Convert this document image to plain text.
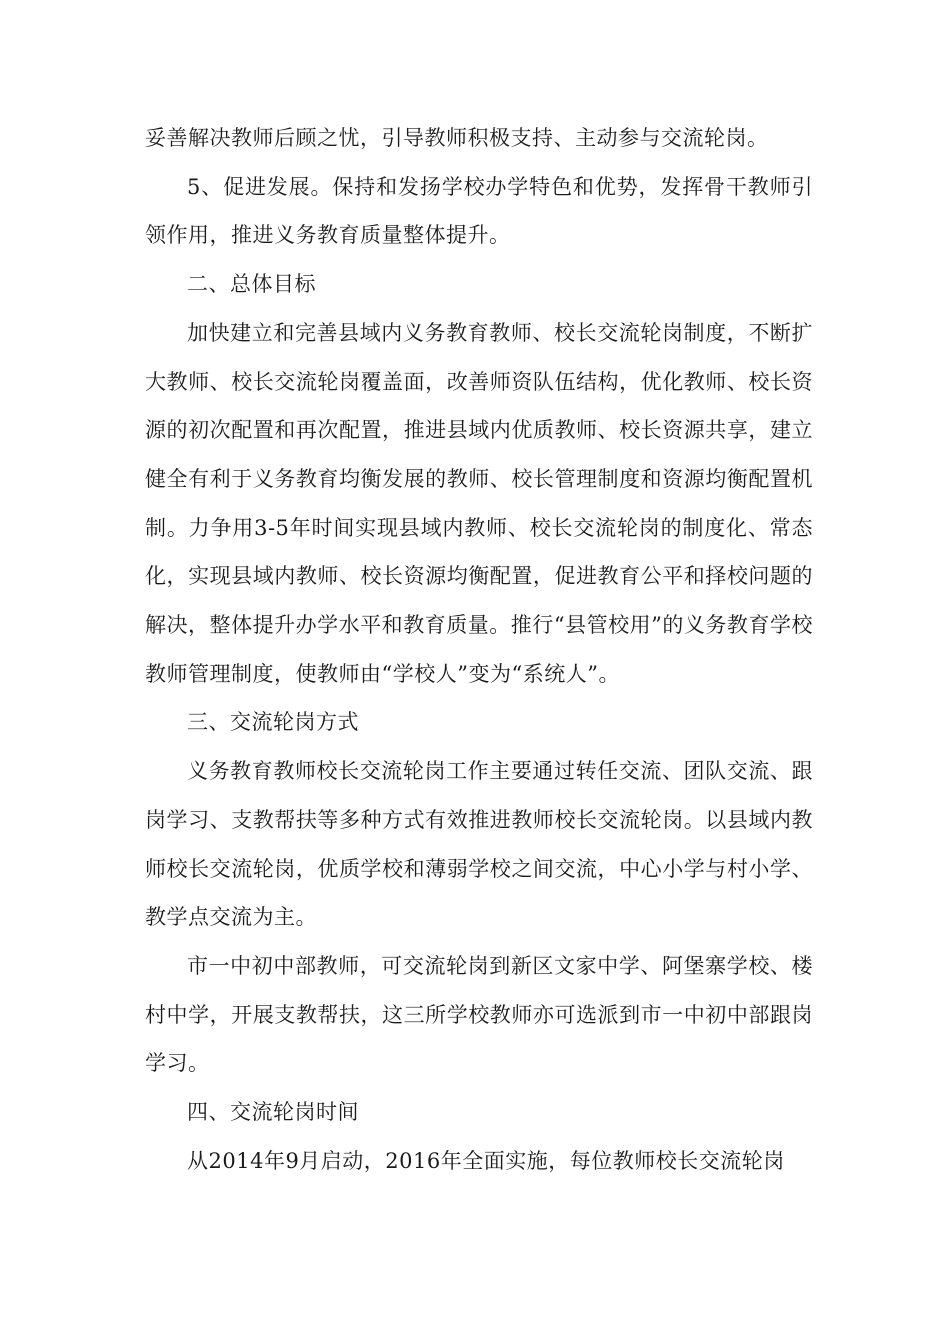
妥善解决教师后顾之忧，引导教师积极支持、主动参与交流轮岗。

5、促进发展。保持和发扬学校办学特色和优势，发挥骨干教师引领作用，推进义务教育质量整体提升。

二、总体目标

加快建立和完善县域内义务教育教师、校长交流轮岗制度，不断扩大教师、校长交流轮岗覆盖面，改善师资队伍结构，优化教师、校长资源的初次配置和再次配置，推进县域内优质教师、校长资源共享，建立健全有利于义务教育均衡发展的教师、校长管理制度和资源均衡配置机制。力争用3-5年时间实现县域内教师、校长交流轮岗的制度化、常态化，实现县域内教师、校长资源均衡配置，促进教育公平和择校问题的解决，整体提升办学水平和教育质量。推行“县管校用”的义务教育学校教师管理制度，使教师由“学校人”变为“系统人”。

三、交流轮岗方式

义务教育教师校长交流轮岗工作主要通过转任交流、团队交流、跟岗学习、支教帮扶等多种方式有效推进教师校长交流轮岗。以县域内教师校长交流轮岗，优质学校和薄弱学校之间交流，中心小学与村小学、教学点交流为主。

市一中初中部教师，可交流轮岗到新区文家中学、阿堡寨学校、楼村中学，开展支教帮扶，这三所学校教师亦可选派到市一中初中部跟岗学习。

四、交流轮岗时间

从2014年9月启动，2016年全面实施，每位教师校长交流轮岗
